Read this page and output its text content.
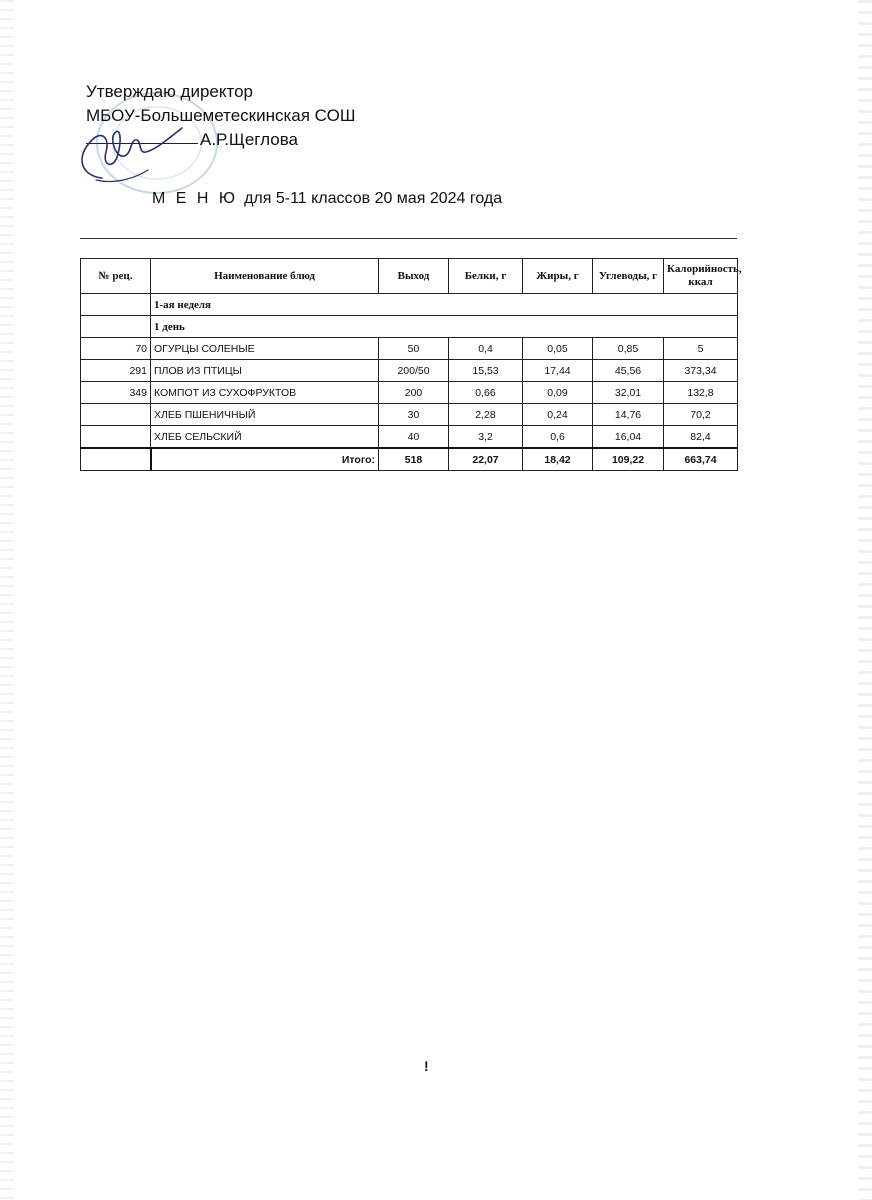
Утверждаю директор
МБОУ-Большеметескинская СОШ
А.Р.Щеглова
М Е Н Ю для 5-11 классов 20 мая 2024 года
№ рец.	Наименование блюд	Выход	Белки, г	Жиры, г	Углеводы, г	Калорийность, ккал
	1-ая неделя					
	1 день					
70	ОГУРЦЫ СОЛЕНЫЕ	50	0,4	0,05	0,85	5
291	ПЛОВ ИЗ ПТИЦЫ	200/50	15,53	17,44	45,56	373,34
349	КОМПОТ ИЗ СУХОФРУКТОВ	200	0,66	0,09	32,01	132,8
	ХЛЕБ ПШЕНИЧНЫЙ	30	2,28	0,24	14,76	70,2
	ХЛЕБ СЕЛЬСКИЙ	40	3,2	0,6	16,04	82,4
	Итого:	518	22,07	18,42	109,22	663,74
!
